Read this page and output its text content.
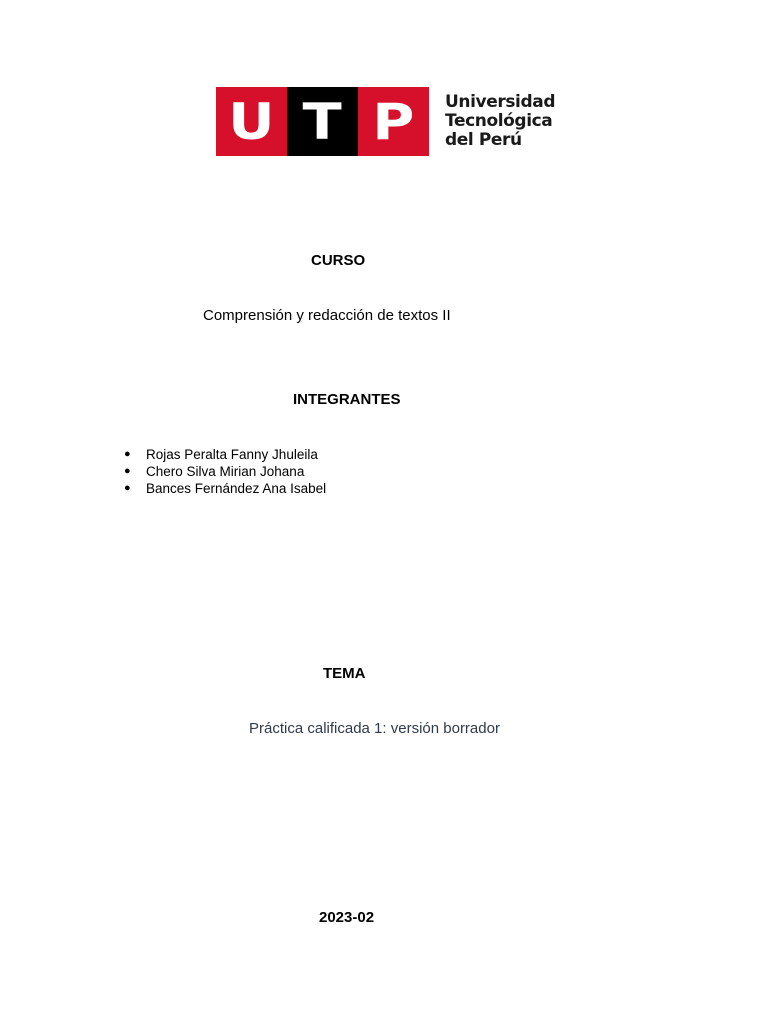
U T P Universidad
Tecnológica
del Perú
CURSO
Comprensión y redacción de textos II
INTEGRANTES
●	Rojas Peralta Fanny Jhuleila
●	Chero Silva Mirian Johana
●	Bances Fernández Ana Isabel
TEMA
Práctica calificada 1: versión borrador
2023-02
